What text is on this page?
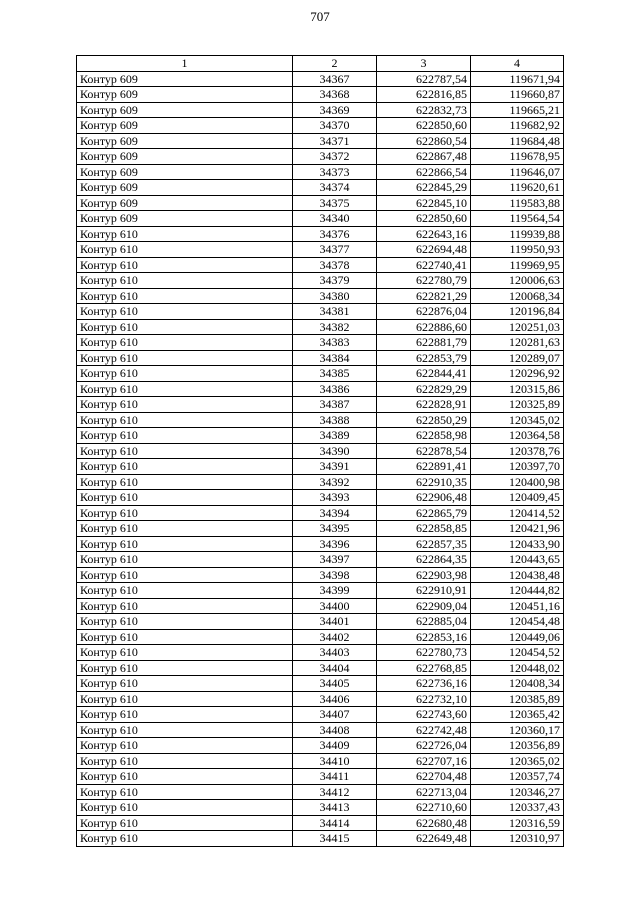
707
1	2	3	4
Контур 609	34367	622787,54	119671,94
Контур 609	34368	622816,85	119660,87
Контур 609	34369	622832,73	119665,21
Контур 609	34370	622850,60	119682,92
Контур 609	34371	622860,54	119684,48
Контур 609	34372	622867,48	119678,95
Контур 609	34373	622866,54	119646,07
Контур 609	34374	622845,29	119620,61
Контур 609	34375	622845,10	119583,88
Контур 609	34340	622850,60	119564,54
Контур 610	34376	622643,16	119939,88
Контур 610	34377	622694,48	119950,93
Контур 610	34378	622740,41	119969,95
Контур 610	34379	622780,79	120006,63
Контур 610	34380	622821,29	120068,34
Контур 610	34381	622876,04	120196,84
Контур 610	34382	622886,60	120251,03
Контур 610	34383	622881,79	120281,63
Контур 610	34384	622853,79	120289,07
Контур 610	34385	622844,41	120296,92
Контур 610	34386	622829,29	120315,86
Контур 610	34387	622828,91	120325,89
Контур 610	34388	622850,29	120345,02
Контур 610	34389	622858,98	120364,58
Контур 610	34390	622878,54	120378,76
Контур 610	34391	622891,41	120397,70
Контур 610	34392	622910,35	120400,98
Контур 610	34393	622906,48	120409,45
Контур 610	34394	622865,79	120414,52
Контур 610	34395	622858,85	120421,96
Контур 610	34396	622857,35	120433,90
Контур 610	34397	622864,35	120443,65
Контур 610	34398	622903,98	120438,48
Контур 610	34399	622910,91	120444,82
Контур 610	34400	622909,04	120451,16
Контур 610	34401	622885,04	120454,48
Контур 610	34402	622853,16	120449,06
Контур 610	34403	622780,73	120454,52
Контур 610	34404	622768,85	120448,02
Контур 610	34405	622736,16	120408,34
Контур 610	34406	622732,10	120385,89
Контур 610	34407	622743,60	120365,42
Контур 610	34408	622742,48	120360,17
Контур 610	34409	622726,04	120356,89
Контур 610	34410	622707,16	120365,02
Контур 610	34411	622704,48	120357,74
Контур 610	34412	622713,04	120346,27
Контур 610	34413	622710,60	120337,43
Контур 610	34414	622680,48	120316,59
Контур 610	34415	622649,48	120310,97
